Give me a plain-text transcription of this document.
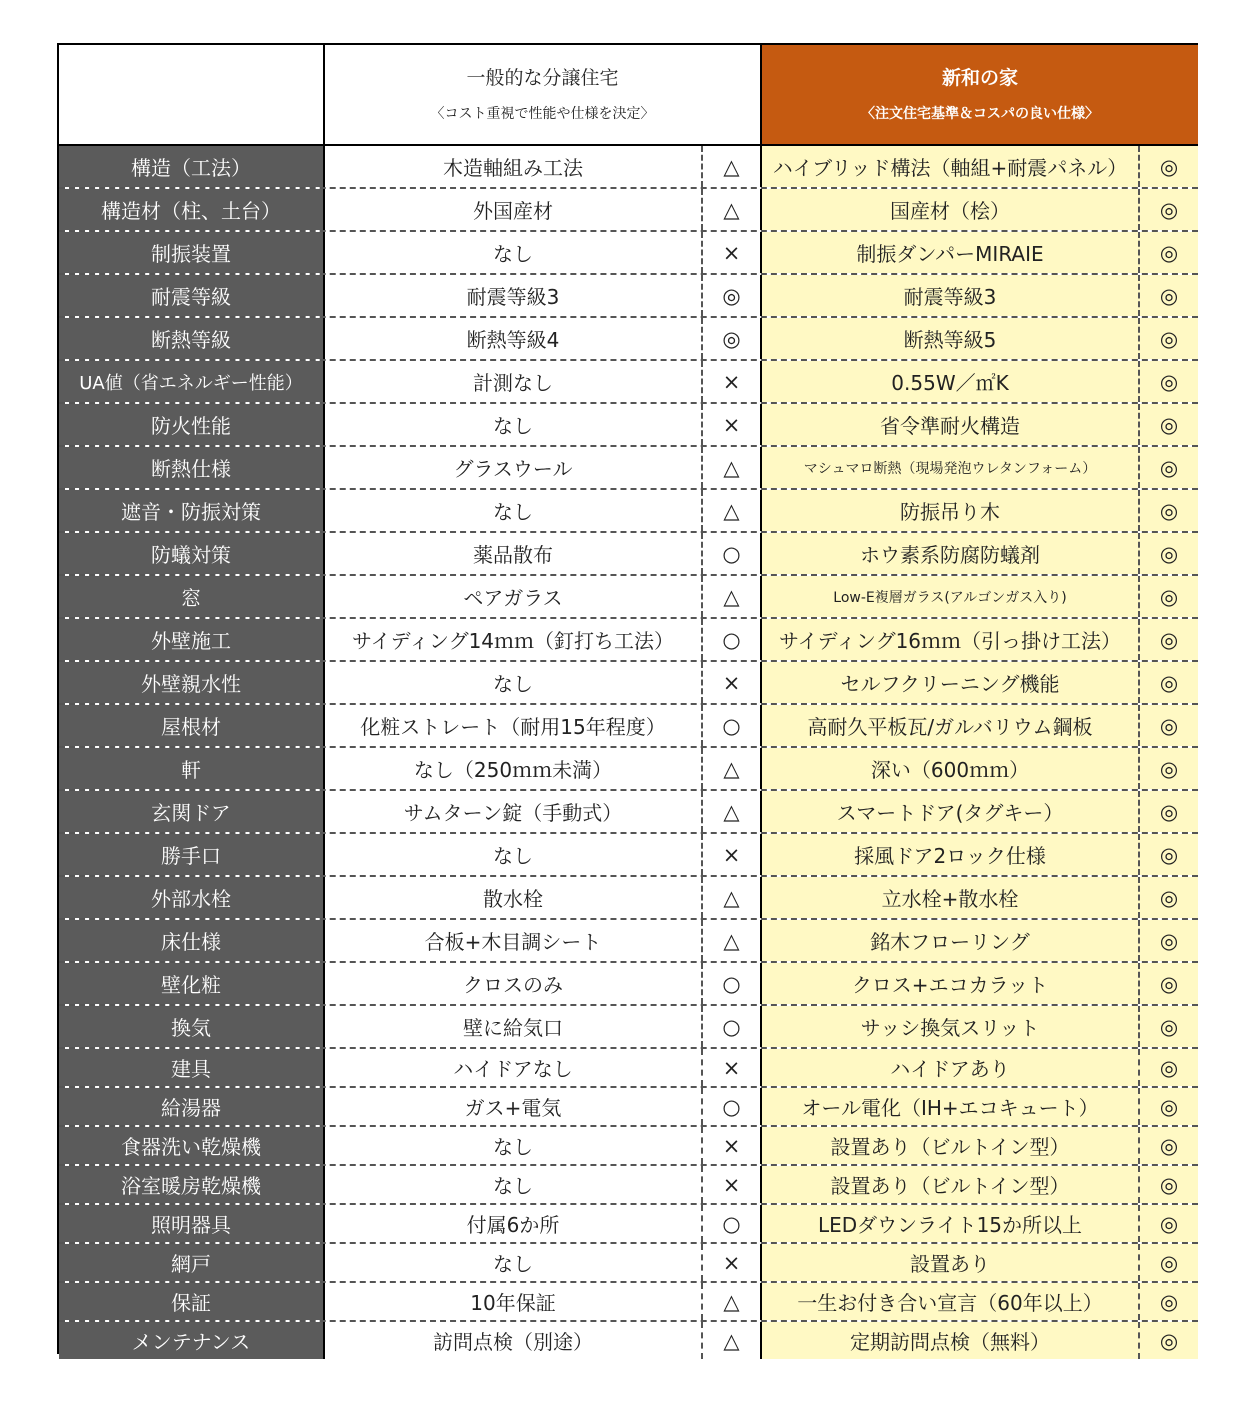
一般的な分譲住宅
〈コスト重視で性能や仕様を決定〉
新和の家
〈注文住宅基準＆コスパの良い仕様〉
構造（工法）	木造軸組み工法	△	ハイブリッド構法（軸組+耐震パネル）	◎
構造材（柱、土台）	外国産材	△	国産材（桧）	◎
制振装置	なし	×	制振ダンパーMIRAIE	◎
耐震等級	耐震等級3	◎	耐震等級3	◎
断熱等級	断熱等級4	◎	断熱等級5	◎
UA値（省エネルギー性能）	計測なし	×	0.55W／㎡K	◎
防火性能	なし	×	省令準耐火構造	◎
断熱仕様	グラスウール	△	マシュマロ断熱（現場発泡ウレタンフォーム）	◎
遮音・防振対策	なし	△	防振吊り木	◎
防蟻対策	薬品散布	○	ホウ素系防腐防蟻剤	◎
窓	ペアガラス	△	Low-E複層ガラス(アルゴンガス入り)	◎
外壁施工	サイディング14ｍｍ（釘打ち工法）	○	サイディング16ｍｍ（引っ掛け工法）	◎
外壁親水性	なし	×	セルフクリーニング機能	◎
屋根材	化粧ストレート（耐用15年程度）	○	高耐久平板瓦/ガルバリウム鋼板	◎
軒	なし（250ｍｍ未満）	△	深い（600ｍｍ）	◎
玄関ドア	サムターン錠（手動式）	△	スマートドア(タグキー）	◎
勝手口	なし	×	採風ドア2ロック仕様	◎
外部水栓	散水栓	△	立水栓+散水栓	◎
床仕様	合板+木目調シート	△	銘木フローリング	◎
壁化粧	クロスのみ	○	クロス+エコカラット	◎
換気	壁に給気口	○	サッシ換気スリット	◎
建具	ハイドアなし	×	ハイドアあり	◎
給湯器	ガス+電気	○	オール電化（IH+エコキュート）	◎
食器洗い乾燥機	なし	×	設置あり（ビルトイン型）	◎
浴室暖房乾燥機	なし	×	設置あり（ビルトイン型）	◎
照明器具	付属6か所	○	LEDダウンライト15か所以上	◎
網戸	なし	×	設置あり	◎
保証	10年保証	△	一生お付き合い宣言（60年以上）	◎
メンテナンス	訪問点検（別途）	△	定期訪問点検（無料）	◎
